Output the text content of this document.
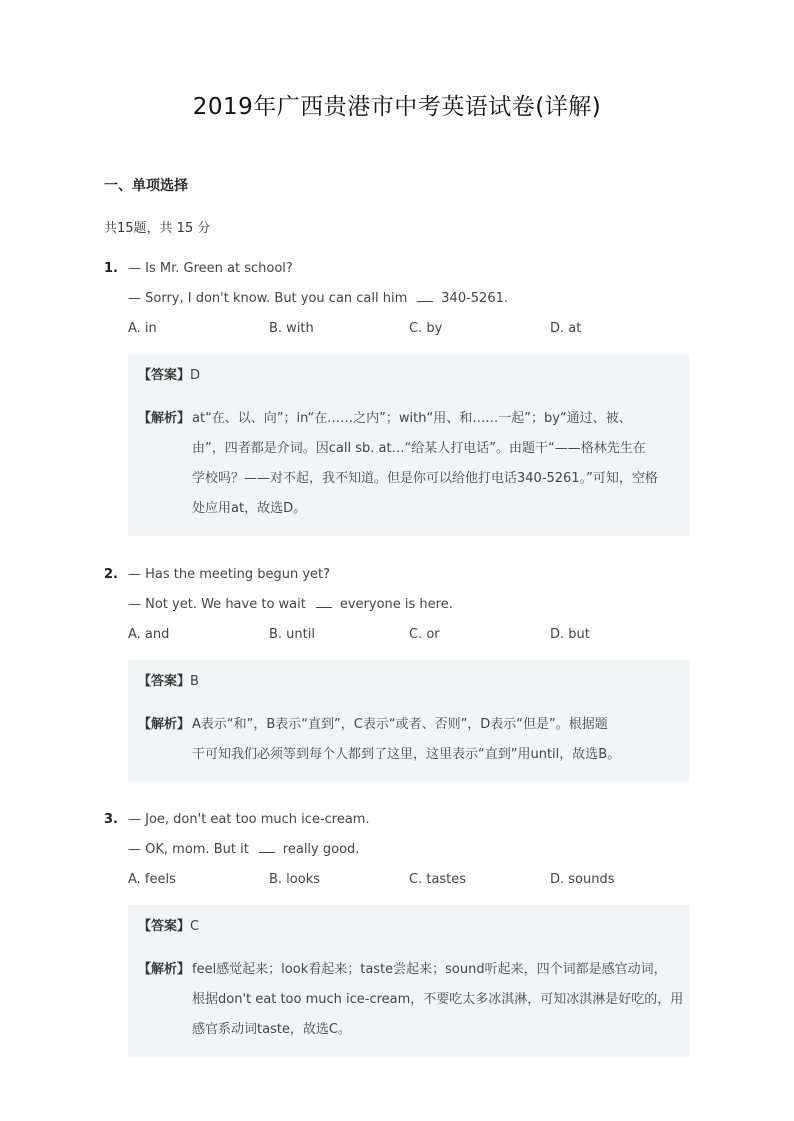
2019年广西贵港市中考英语试卷(详解)
一、单项选择
共15题，共 15 分
1. — Is Mr. Green at school?
— Sorry, I don't know. But you can call him	340-5261.
A. in	B. with	C. by	D. at
【答案】D
【解析】 at“在、以、向”；in“在……之内”；with“用、和……一起”；by“通过、被、
由”，四者都是介词。因call sb. at…“给某人打电话”。由题干“——格林先生在
学校吗？——对不起，我不知道。但是你可以给他打电话340-5261。”可知，空格
处应用at，故选D。
2. — Has the meeting begun yet?
— Not yet. We have to wait	everyone is here.
A. and	B. until	C. or	D. but
【答案】B
【解析】 A表示“和”，B表示“直到”，C表示“或者、否则”，D表示“但是”。根据题
干可知我们必须等到每个人都到了这里，这里表示“直到”用until，故选B。
3. — Joe, don't eat too much ice-cream.
— OK, mom. But it	really good.
A. feels	B. looks	C. tastes	D. sounds
【答案】C
【解析】 feel感觉起来；look看起来；taste尝起来；sound听起来，四个词都是感官动词，
根据don't eat too much ice-cream，不要吃太多冰淇淋，可知冰淇淋是好吃的，用
感官系动词taste，故选C。
